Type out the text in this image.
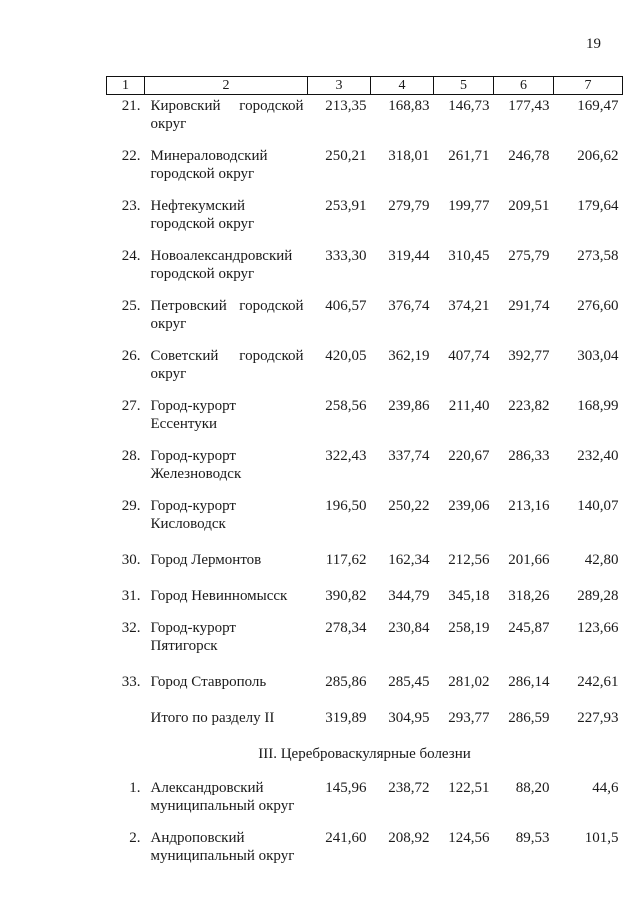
19
1	2	3	4	5	6	7
21.	Кировский городской округ	213,35	168,83	146,73	177,43	169,47
22.	Минераловодский городской округ	250,21	318,01	261,71	246,78	206,62
23.	Нефтекумский городской округ	253,91	279,79	199,77	209,51	179,64
24.	Новоалександровский городской округ	333,30	319,44	310,45	275,79	273,58
25.	Петровский городской округ	406,57	376,74	374,21	291,74	276,60
26.	Советский городской округ	420,05	362,19	407,74	392,77	303,04
27.	Город-курорт Ессентуки	258,56	239,86	211,40	223,82	168,99
28.	Город-курорт Железноводск	322,43	337,74	220,67	286,33	232,40
29.	Город-курорт Кисловодск	196,50	250,22	239,06	213,16	140,07
30.	Город Лермонтов	117,62	162,34	212,56	201,66	42,80
31.	Город Невинномысск	390,82	344,79	345,18	318,26	289,28
32.	Город-курорт Пятигорск	278,34	230,84	258,19	245,87	123,66
33.	Город Ставрополь	285,86	285,45	281,02	286,14	242,61
	Итого по разделу II	319,89	304,95	293,77	286,59	227,93
III. Цереброваскулярные болезни						
1.	Александровский муниципальный округ	145,96	238,72	122,51	88,20	44,6
2.	Андроповский муниципальный округ	241,60	208,92	124,56	89,53	101,5
